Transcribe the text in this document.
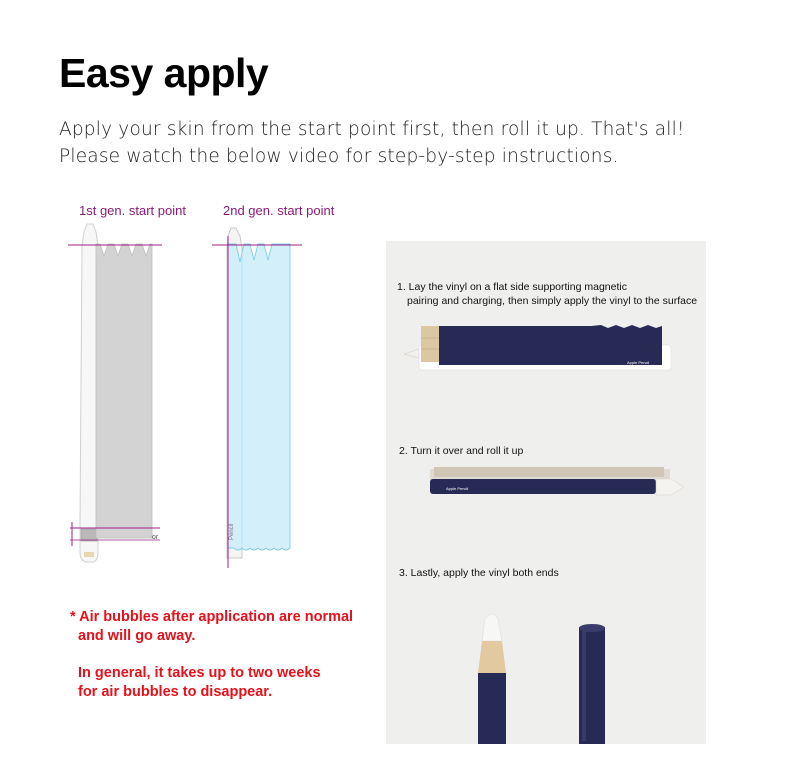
Easy apply
Apply your skin from the start point first, then roll it up. That's all!
Please watch the below video for step-by-step instructions.
1st gen. start point	2nd gen. start point
or	Pencil
* Air bubbles after application are normal
and will go away.
In general, it takes up to two weeks
for air bubbles to disappear.
Apple Pencil
Apple Pencil
1. Lay the vinyl on a flat side supporting magnetic
pairing and charging, then simply apply the vinyl to the surface
2. Turn it over and roll it up
3. Lastly, apply the vinyl both ends
